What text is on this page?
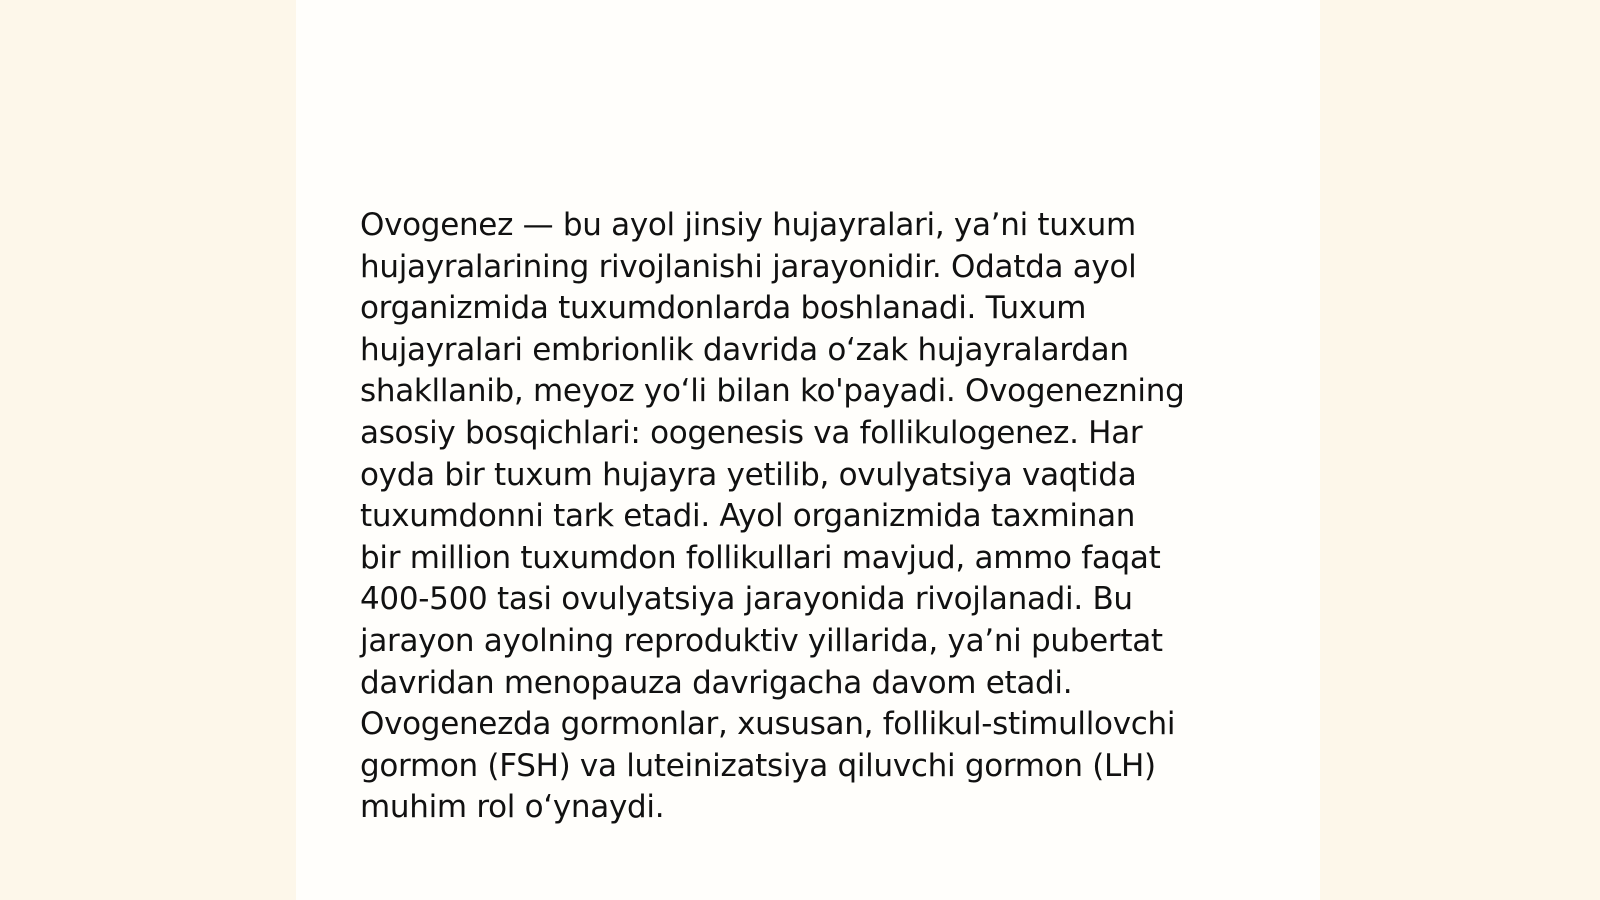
Ovogenez — bu ayol jinsiy hujayralari, ya’ni tuxum
hujayralarining rivojlanishi jarayonidir. Odatda ayol
organizmida tuxumdonlarda boshlanadi. Tuxum
hujayralari embrionlik davrida oʻzak hujayralardan
shakllanib, meyoz yoʻli bilan ko'payadi. Ovogenezning
asosiy bosqichlari: oogenesis va follikulogenez. Har
oyda bir tuxum hujayra yetilib, ovulyatsiya vaqtida
tuxumdonni tark etadi. Ayol organizmida taxminan
bir million tuxumdon follikullari mavjud, ammo faqat
400-500 tasi ovulyatsiya jarayonida rivojlanadi. Bu
jarayon ayolning reproduktiv yillarida, ya’ni pubertat
davridan menopauza davrigacha davom etadi.
Ovogenezda gormonlar, xususan, follikul-stimullovchi
gormon (FSH) va luteinizatsiya qiluvchi gormon (LH)
muhim rol oʻynaydi.
